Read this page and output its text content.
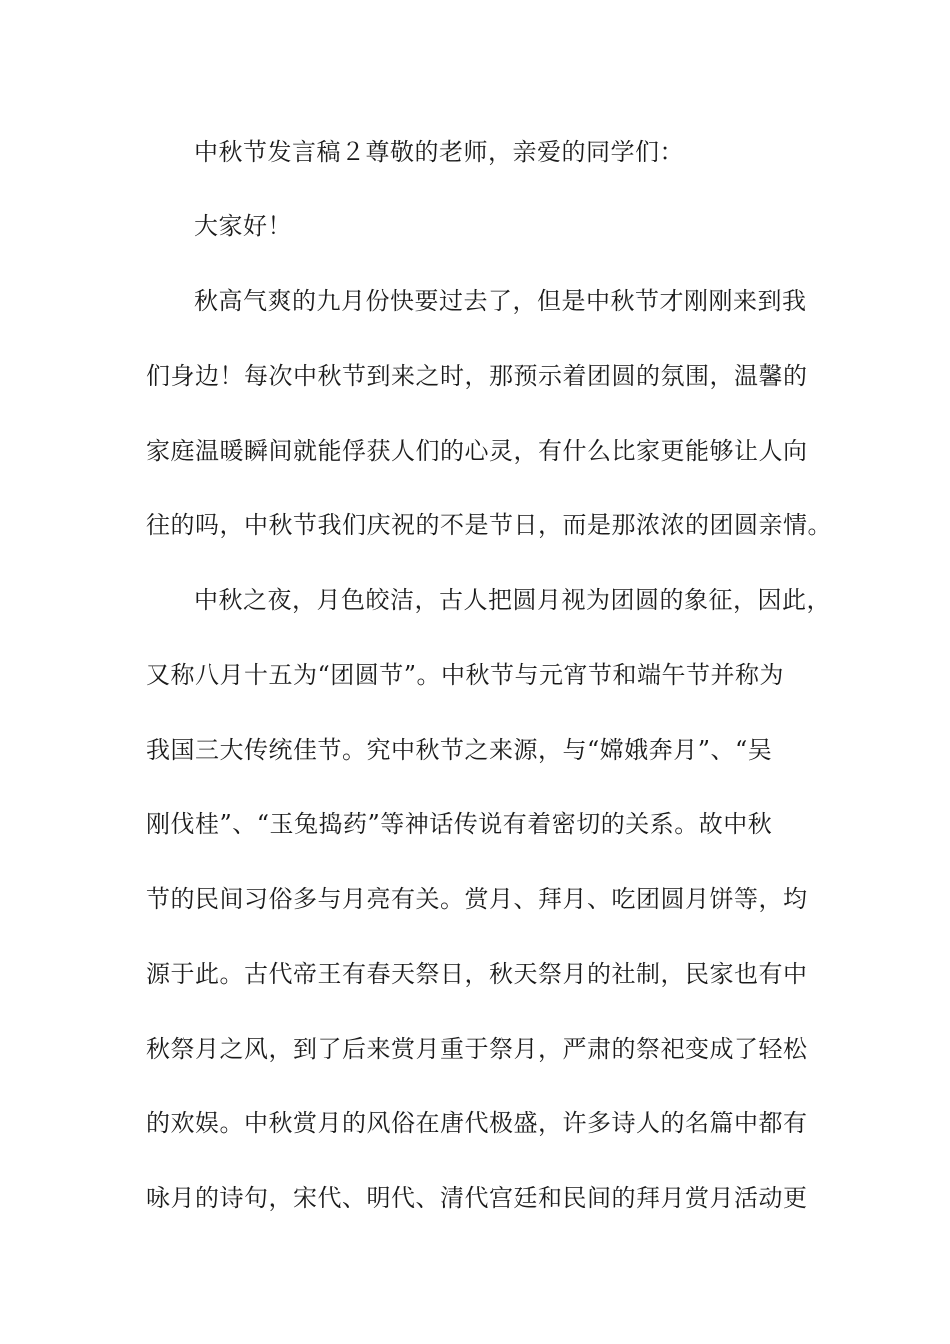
中秋节发言稿２尊敬的老师，亲爱的同学们：
大家好！
秋高气爽的九月份快要过去了，但是中秋节才刚刚来到我
们身边！每次中秋节到来之时，那预示着团圆的氛围，温馨的
家庭温暖瞬间就能俘获人们的心灵，有什么比家更能够让人向
往的吗，中秋节我们庆祝的不是节日，而是那浓浓的团圆亲情。
中秋之夜，月色皎洁，古人把圆月视为团圆的象征，因此，
又称八月十五为“团圆节”。中秋节与元宵节和端午节并称为
我国三大传统佳节。究中秋节之来源，与“嫦娥奔月”、“吴
刚伐桂”、“玉兔捣药”等神话传说有着密切的关系。故中秋
节的民间习俗多与月亮有关。赏月、拜月、吃团圆月饼等，均
源于此。古代帝王有春天祭日，秋天祭月的社制，民家也有中
秋祭月之风，到了后来赏月重于祭月，严肃的祭祀变成了轻松
的欢娱。中秋赏月的风俗在唐代极盛，许多诗人的名篇中都有
咏月的诗句，宋代、明代、清代宫廷和民间的拜月赏月活动更
